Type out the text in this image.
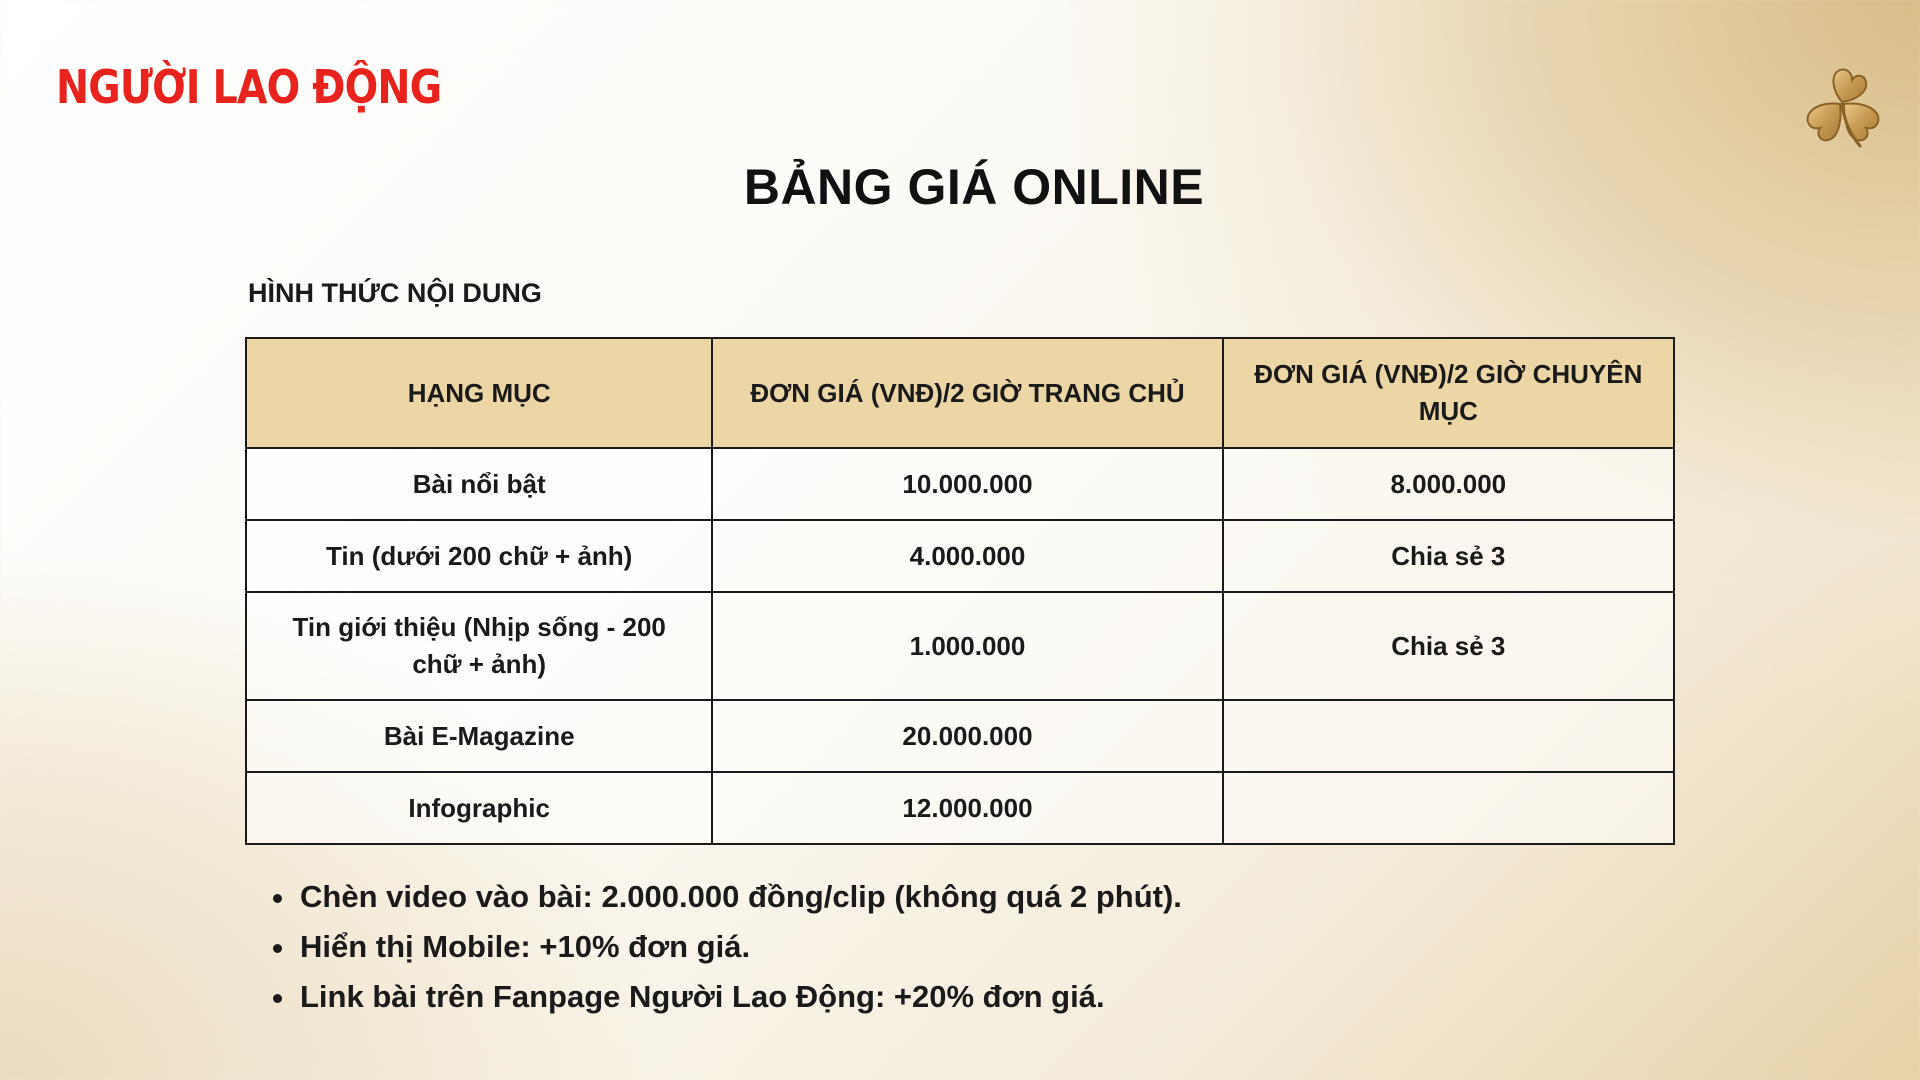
NGƯỜI LAO ĐỘNG
BẢNG GIÁ ONLINE
HÌNH THỨC NỘI DUNG
HẠNG MỤC	ĐƠN GIÁ (VNĐ)/2 GIỜ TRANG CHỦ	ĐƠN GIÁ (VNĐ)/2 GIỜ CHUYÊN MỤC
Bài nổi bật	10.000.000	8.000.000
Tin (dưới 200 chữ + ảnh)	4.000.000	Chia sẻ 3
Tin giới thiệu (Nhịp sống - 200 chữ + ảnh)	1.000.000	Chia sẻ 3
Bài E-Magazine	20.000.000	
Infographic	12.000.000	
• Chèn video vào bài: 2.000.000 đồng/clip (không quá 2 phút).
• Hiển thị Mobile: +10% đơn giá.
• Link bài trên Fanpage Người Lao Động: +20% đơn giá.
